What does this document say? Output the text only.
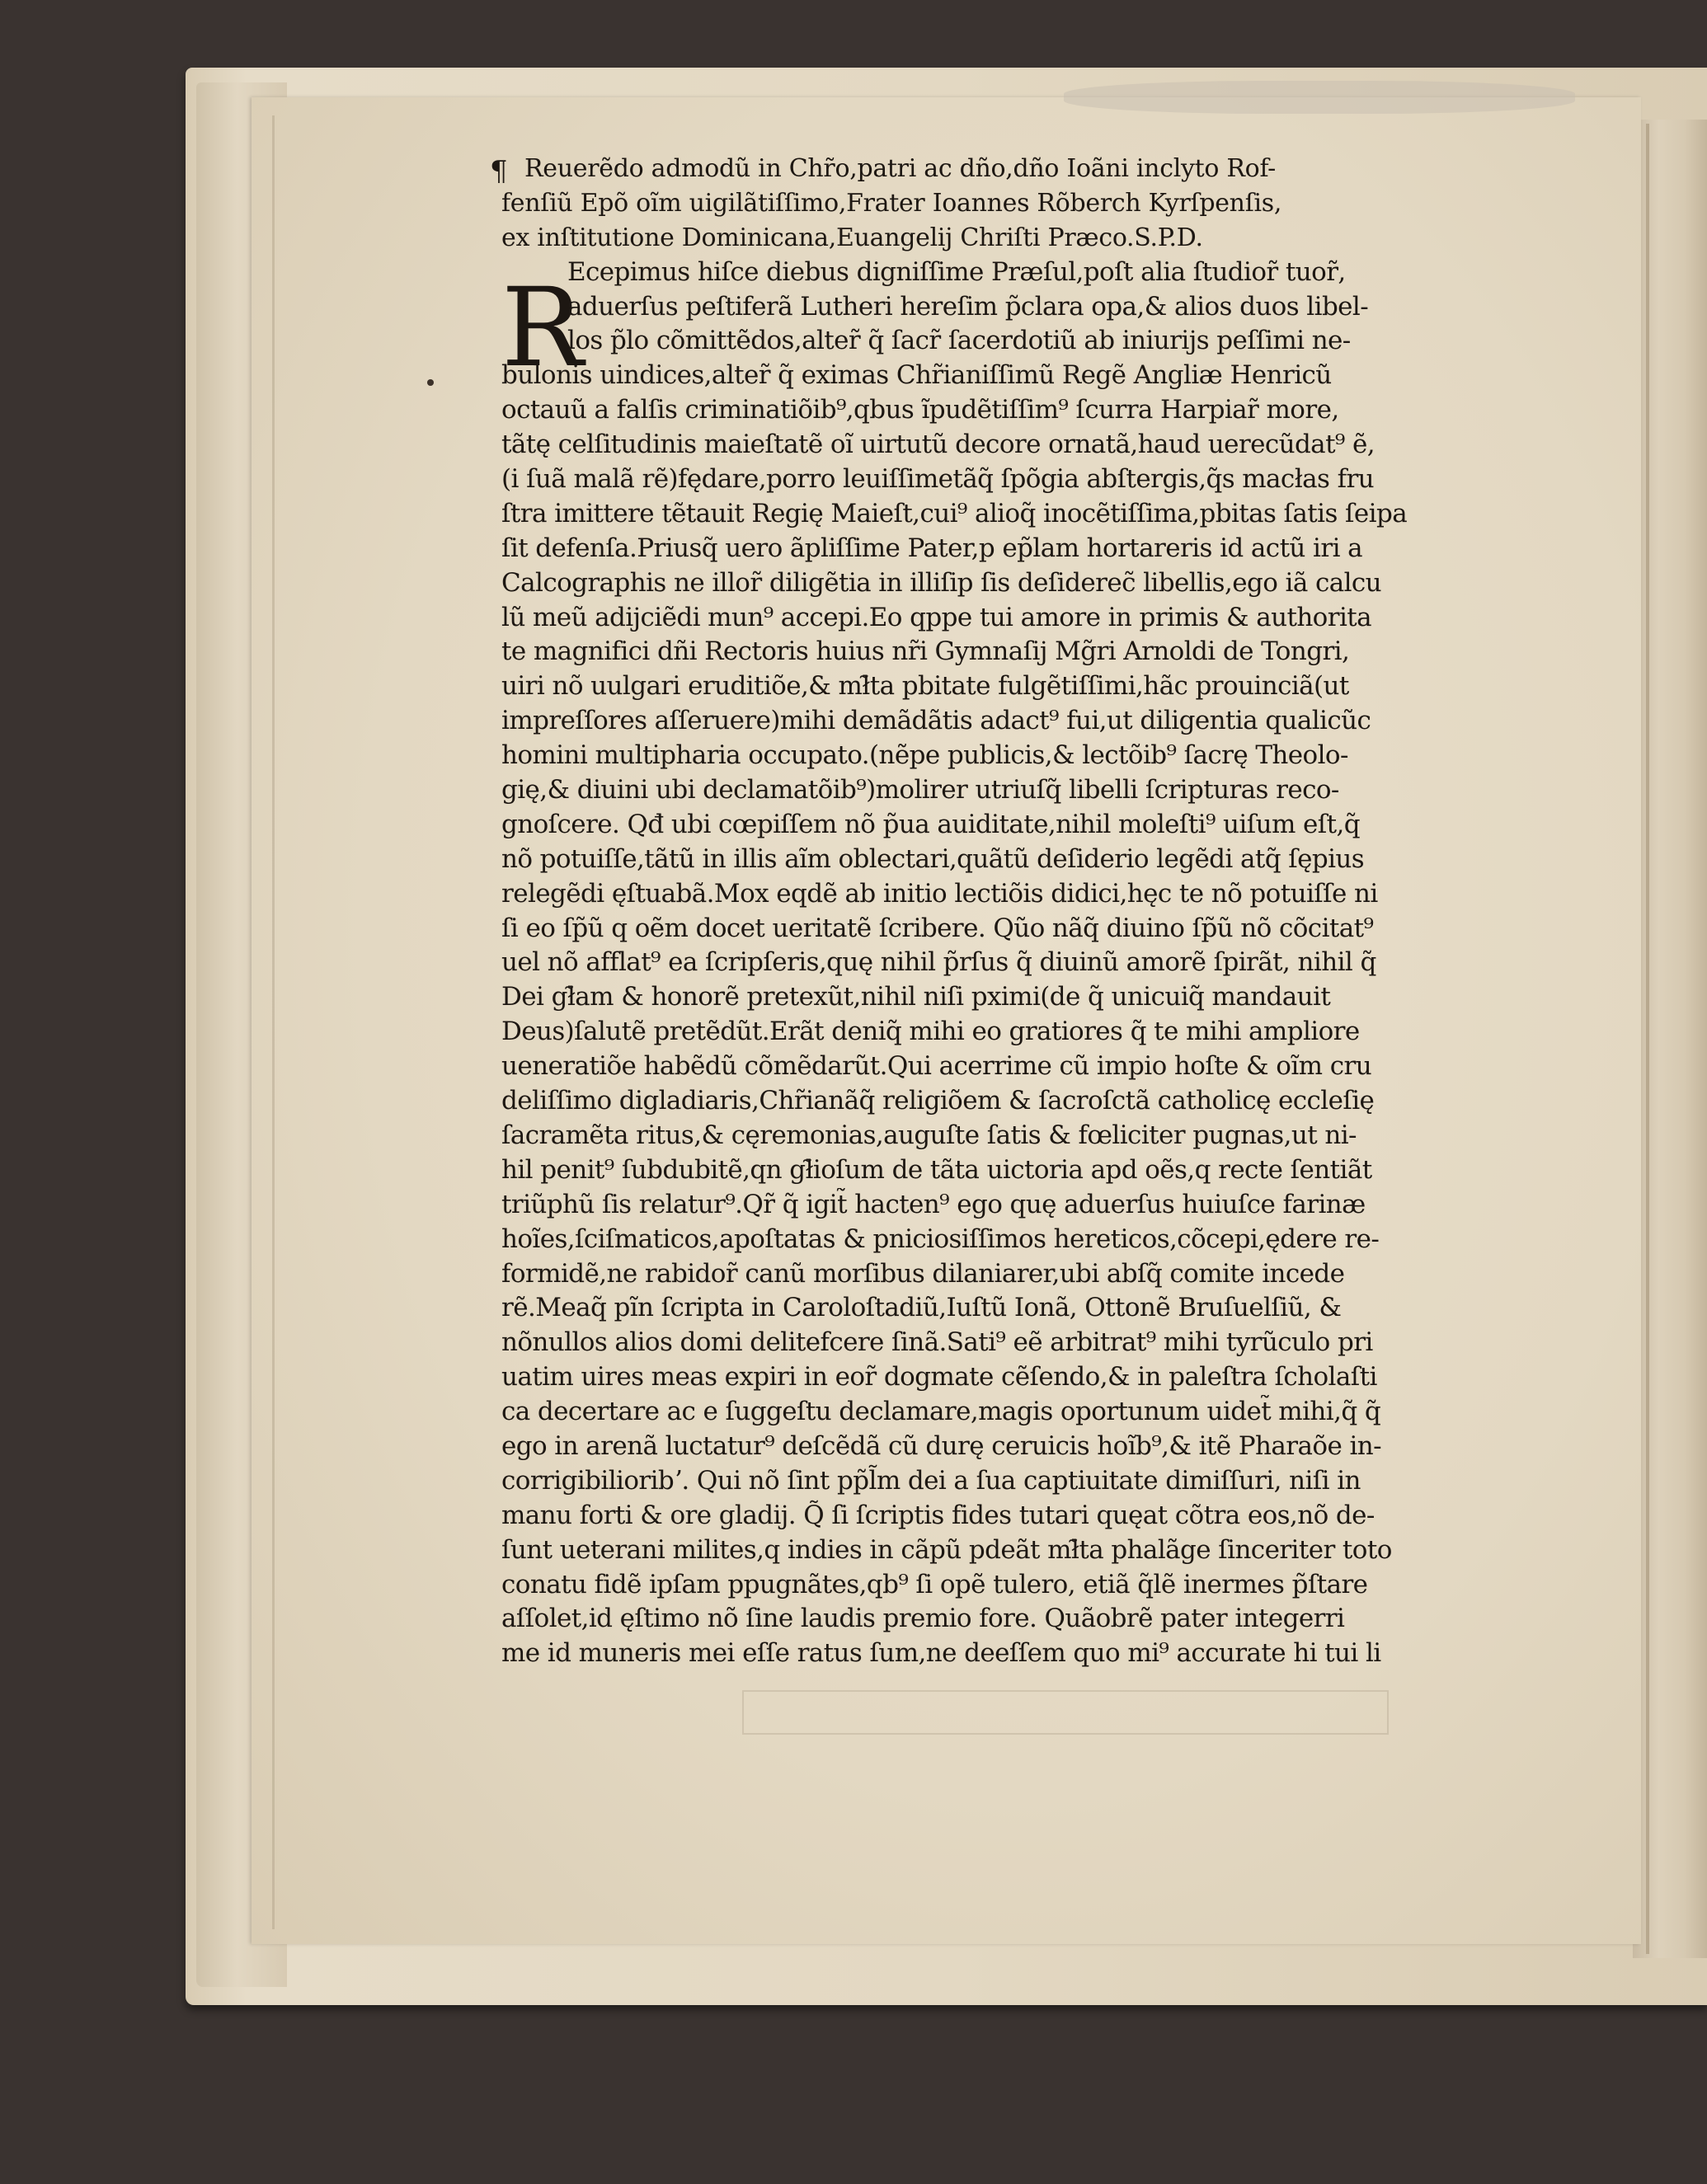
¶
R
Reuerẽdo admodũ in Chr̃o,patri ac dño,dño Ioãni inclyto Rof-
fenſiũ Epõ oĩm uigilãtiſſimo,Frater Ioannes Rõberch Kyrſpenſis,
ex inſtitutione Dominicana,Euangelij Chriſti Præco.S.P.D.
Ecepimus hiſce diebus digniſſime Præſul,poſt alia ſtudior̃ tuor̃,
aduerſus peſtiferã Lutheri hereſim p̃clara opa,& alios duos libel-
los p̃lo cõmittẽdos,alter̃ q̃ ſacr̃ ſacerdotiũ ab iniurijs peſſimi ne-
bulonis uindices,alter̃ q̃ eximas Chr̃ianiſſimũ Regẽ Angliæ Henricũ
octauũ a falſis criminatiõib⁹,qbus ĩpudẽtiſſim⁹ ſcurra Harpiar̃ more,
tãtę celſitudinis maieſtatẽ oĩ uirtutũ decore ornatã,haud uerecũdat⁹ ẽ,
(i ſuã malã rẽ)fędare,porro leuiſſimetãq̃ ſpõgia abſtergis,q̃s macłas fru
ſtra imittere tẽtauit Regię Maieſt,cui⁹ alioq̃ inocẽtiſſima,pbitas ſatis ſeipa
ſit defenſa.Priusq̃ uero ãpliſſime Pater,p ep̃lam hortareris id actũ iri a
Calcographis ne illor̃ diligẽtia in illiſip ſis deſiderec̃ libellis,ego iã calcu
lũ meũ adijciẽdi mun⁹ accepi.Eo qppe tui amore in primis & authorita
te magnifici dñi Rectoris huius nr̃i Gymnaſij Mg̃ri Arnoldi de Tongri,
uiri nõ uulgari eruditiõe,& mł̃ta pbitate fulgẽtiſſimi,hãc prouinciã(ut
impreſſores aſſeruere)mihi demãdãtis adact⁹ fui,ut diligentia qualicũc
homini multipharia occupato.(nẽpe publicis,& lectõib⁹ ſacrę Theolo-
gię,& diuini ubi declamatõib⁹)molirer utriuſq̃ libelli ſcripturas reco-
gnoſcere. Qđ ubi cœpiſſem nõ p̃ua auiditate,nihil moleſti⁹ uiſum eſt,q̃
nõ potuiſſe,tãtũ in illis aĩm oblectari,quãtũ deſiderio legẽdi atq̃ ſępius
relegẽdi ęſtuabã.Mox eqdẽ ab initio lectiõis didici,hęc te nõ potuiſſe ni
ſi eo ſp̃ũ q oẽm docet ueritatẽ ſcribere. Qũo nãq̃ diuino ſp̃ũ nõ cõcitat⁹
uel nõ afflat⁹ ea ſcripſeris,quę nihil p̃rſus q̃ diuinũ amorẽ ſpirãt, nihil q̃
Dei gł̃am & honorẽ pretexũt,nihil niſi pximi(de q̃ unicuiq̃ mandauit
Deus)ſalutẽ pretẽdũt.Erãt deniq̃ mihi eo gratiores q̃ te mihi ampliore
ueneratiõe habẽdũ cõmẽdarũt.Qui acerrime cũ impio hoſte & oĩm cru
deliſſimo digladiaris,Chr̃ianãq̃ religiõem & ſacroſctã catholicę eccleſię
ſacramẽta ritus,& cęremonias,auguſte ſatis & fœliciter pugnas,ut ni-
hil penit⁹ ſubdubitẽ,qn gł̃ioſum de tãta uictoria apd oẽs,q recte ſentiãt
triũphũ ſis relatur⁹.Qr̃ q̃ igit̃ hacten⁹ ego quę aduerſus huiuſce farinæ
hoĩes,ſciſmaticos,apoſtatas & pniciosiſſimos hereticos,cõcepi,ędere re-
formidẽ,ne rabidor̃ canũ morſibus dilaniarer,ubi abſq̃ comite incede
rẽ.Meaq̃ pĩn ſcripta in Caroloſtadiũ,Iuſtũ Ionã, Ottonẽ Bruſuelſiũ, &
nõnullos alios domi delitefcere ſinã.Sati⁹ eẽ arbitrat⁹ mihi tyrũculo pri
uatim uires meas expiri in eor̃ dogmate cẽſendo,& in paleſtra ſcholaſti
ca decertare ac e ſuggeſtu declamare,magis oportunum uidet̃ mihi,q̃ q̃
ego in arenã luctatur⁹ deſcẽdã cũ durę ceruicis hoĩb⁹,& itẽ Pharaõe in-
corrigibilioribʼ. Qui nõ ſint pp̃l̃m dei a ſua captiuitate dimiſſuri, niſi in
manu forti & ore gladij. Q̃ ſi ſcriptis fides tutari quęat cõtra eos,nõ de-
ſunt ueterani milites,q indies in cãpũ pdeãt mł̃ta phalãge ſinceriter toto
conatu fidẽ ipſam ppugnãtes,qb⁹ ſi opẽ tulero, etiã q̃lẽ inermes p̃ſtare
aſſolet,id ęſtimo nõ ſine laudis premio fore. Quãobrẽ pater integerri
me id muneris mei eſſe ratus ſum,ne deeſſem quo mi⁹ accurate hi tui li
